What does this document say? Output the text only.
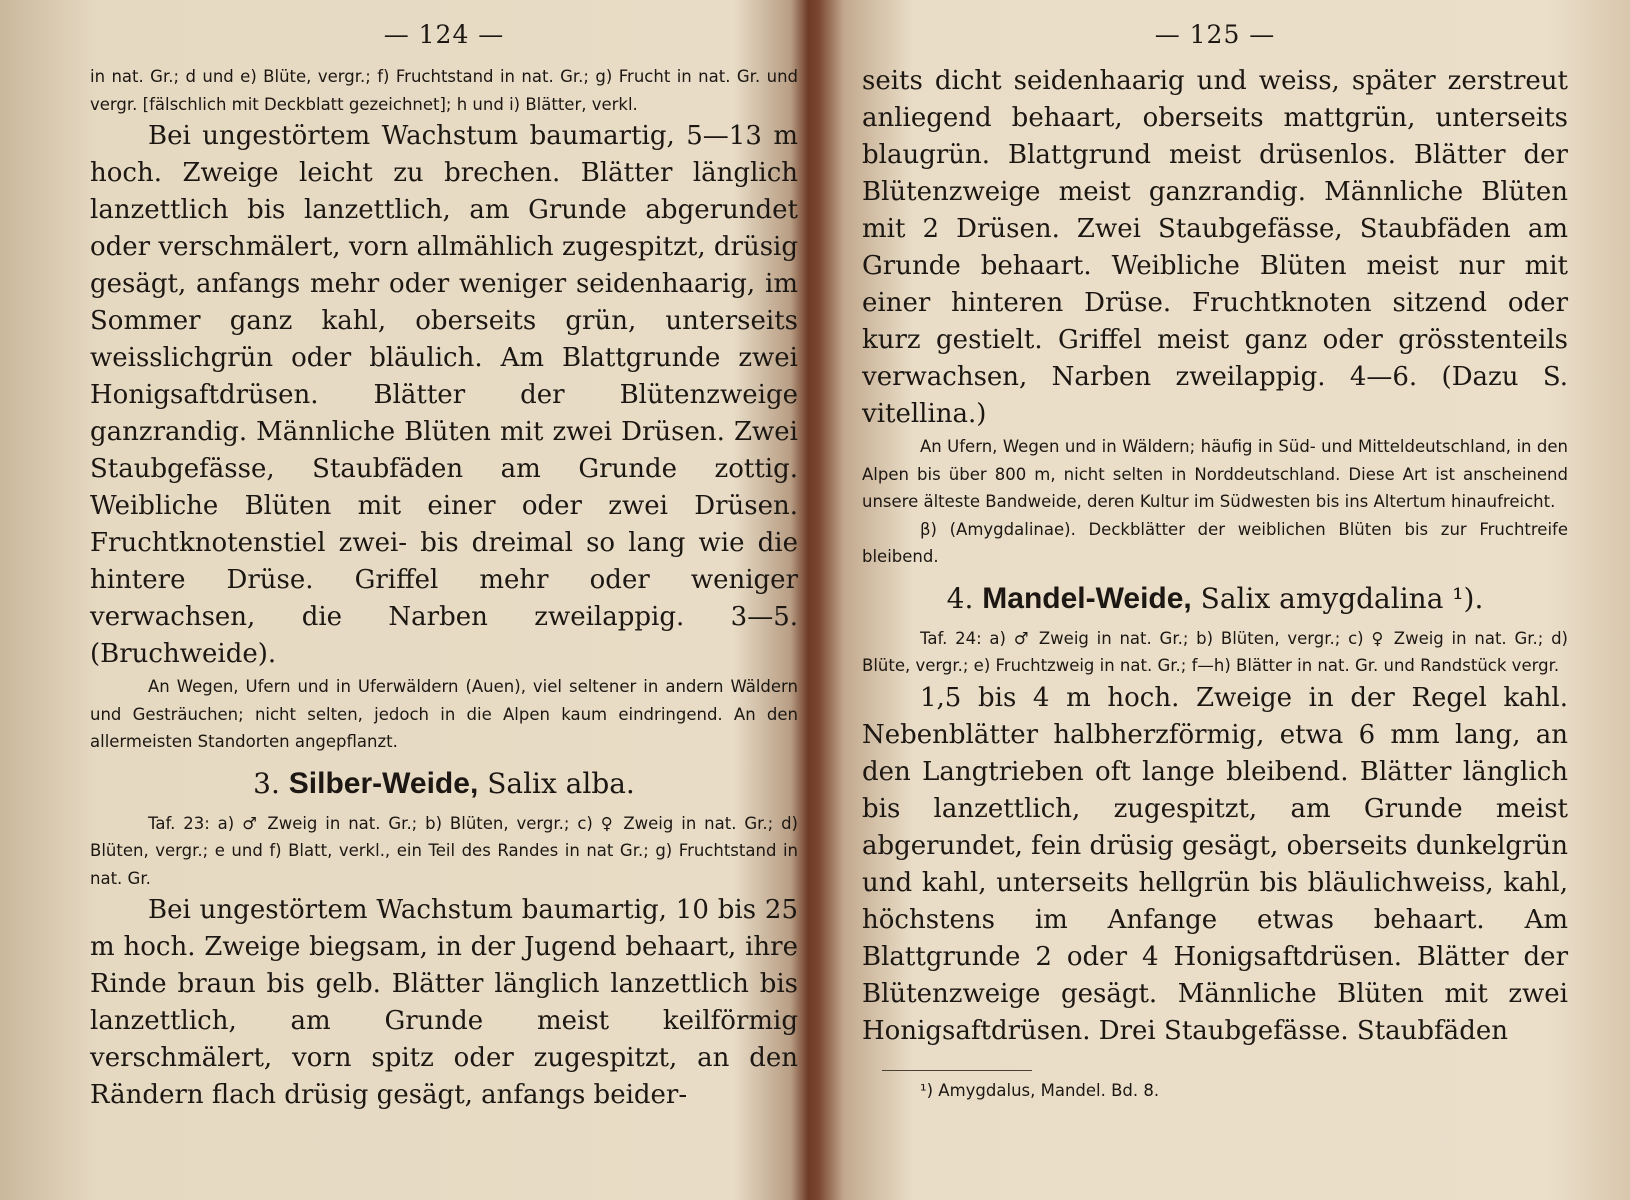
— 124 —

in nat. Gr.; d und e) Blüte, vergr.; f) Fruchtstand in nat. Gr.; g) Frucht in nat. Gr. und vergr. [fälschlich mit Deckblatt gezeichnet]; h und i) Blätter, verkl.

Bei ungestörtem Wachstum baumartig, 5—13 m hoch. Zweige leicht zu brechen. Blätter länglich lanzettlich bis lanzettlich, am Grunde abgerundet oder verschmälert, vorn allmählich zugespitzt, drüsig gesägt, anfangs mehr oder weniger seidenhaarig, im Sommer ganz kahl, oberseits grün, unterseits weisslichgrün oder bläulich. Am Blattgrunde zwei Honigsaftdrüsen. Blätter der Blütenzweige ganzrandig. Männliche Blüten mit zwei Drüsen. Zwei Staubgefässe, Staubfäden am Grunde zottig. Weibliche Blüten mit einer oder zwei Drüsen. Fruchtknotenstiel zwei- bis dreimal so lang wie die hintere Drüse. Griffel mehr oder weniger verwachsen, die Narben zweilappig. 3—5. (Bruchweide).

An Wegen, Ufern und in Uferwäldern (Auen), viel seltener in andern Wäldern und Gesträuchen; nicht selten, jedoch in die Alpen kaum eindringend. An den allermeisten Standorten angepflanzt.

3. Silber-Weide, Salix alba.

Taf. 23: a) ♂ Zweig in nat. Gr.; b) Blüten, vergr.; c) ♀ Zweig in nat. Gr.; d) Blüten, vergr.; e und f) Blatt, verkl., ein Teil des Randes in nat Gr.; g) Fruchtstand in nat. Gr.

Bei ungestörtem Wachstum baumartig, 10 bis 25 m hoch. Zweige biegsam, in der Jugend behaart, ihre Rinde braun bis gelb. Blätter länglich lanzettlich bis lanzettlich, am Grunde meist keilförmig verschmälert, vorn spitz oder zugespitzt, an den Rändern flach drüsig gesägt, anfangs beider-

— 125 —

seits dicht seidenhaarig und weiss, später zerstreut anliegend behaart, oberseits mattgrün, unterseits blaugrün. Blattgrund meist drüsenlos. Blätter der Blütenzweige meist ganzrandig. Männliche Blüten mit 2 Drüsen. Zwei Staubgefässe, Staubfäden am Grunde behaart. Weibliche Blüten meist nur mit einer hinteren Drüse. Fruchtknoten sitzend oder kurz gestielt. Griffel meist ganz oder grösstenteils verwachsen, Narben zweilappig. 4—6. (Dazu S. vitellina.)

An Ufern, Wegen und in Wäldern; häufig in Süd- und Mitteldeutschland, in den Alpen bis über 800 m, nicht selten in Norddeutschland. Diese Art ist anscheinend unsere älteste Bandweide, deren Kultur im Südwesten bis ins Altertum hinaufreicht.

β) (Amygdalinae). Deckblätter der weiblichen Blüten bis zur Fruchtreife bleibend.

4. Mandel-Weide, Salix amygdalina ¹).

Taf. 24: a) ♂ Zweig in nat. Gr.; b) Blüten, vergr.; c) ♀ Zweig in nat. Gr.; d) Blüte, vergr.; e) Fruchtzweig in nat. Gr.; f—h) Blätter in nat. Gr. und Randstück vergr.

1,5 bis 4 m hoch. Zweige in der Regel kahl. Nebenblätter halbherzförmig, etwa 6 mm lang, an den Langtrieben oft lange bleibend. Blätter länglich bis lanzettlich, zugespitzt, am Grunde meist abgerundet, fein drüsig gesägt, oberseits dunkelgrün und kahl, unterseits hellgrün bis bläulichweiss, kahl, höchstens im Anfange etwas behaart. Am Blattgrunde 2 oder 4 Honigsaftdrüsen. Blätter der Blütenzweige gesägt. Männliche Blüten mit zwei Honigsaftdrüsen. Drei Staubgefässe. Staubfäden

¹) Amygdalus, Mandel. Bd. 8.
